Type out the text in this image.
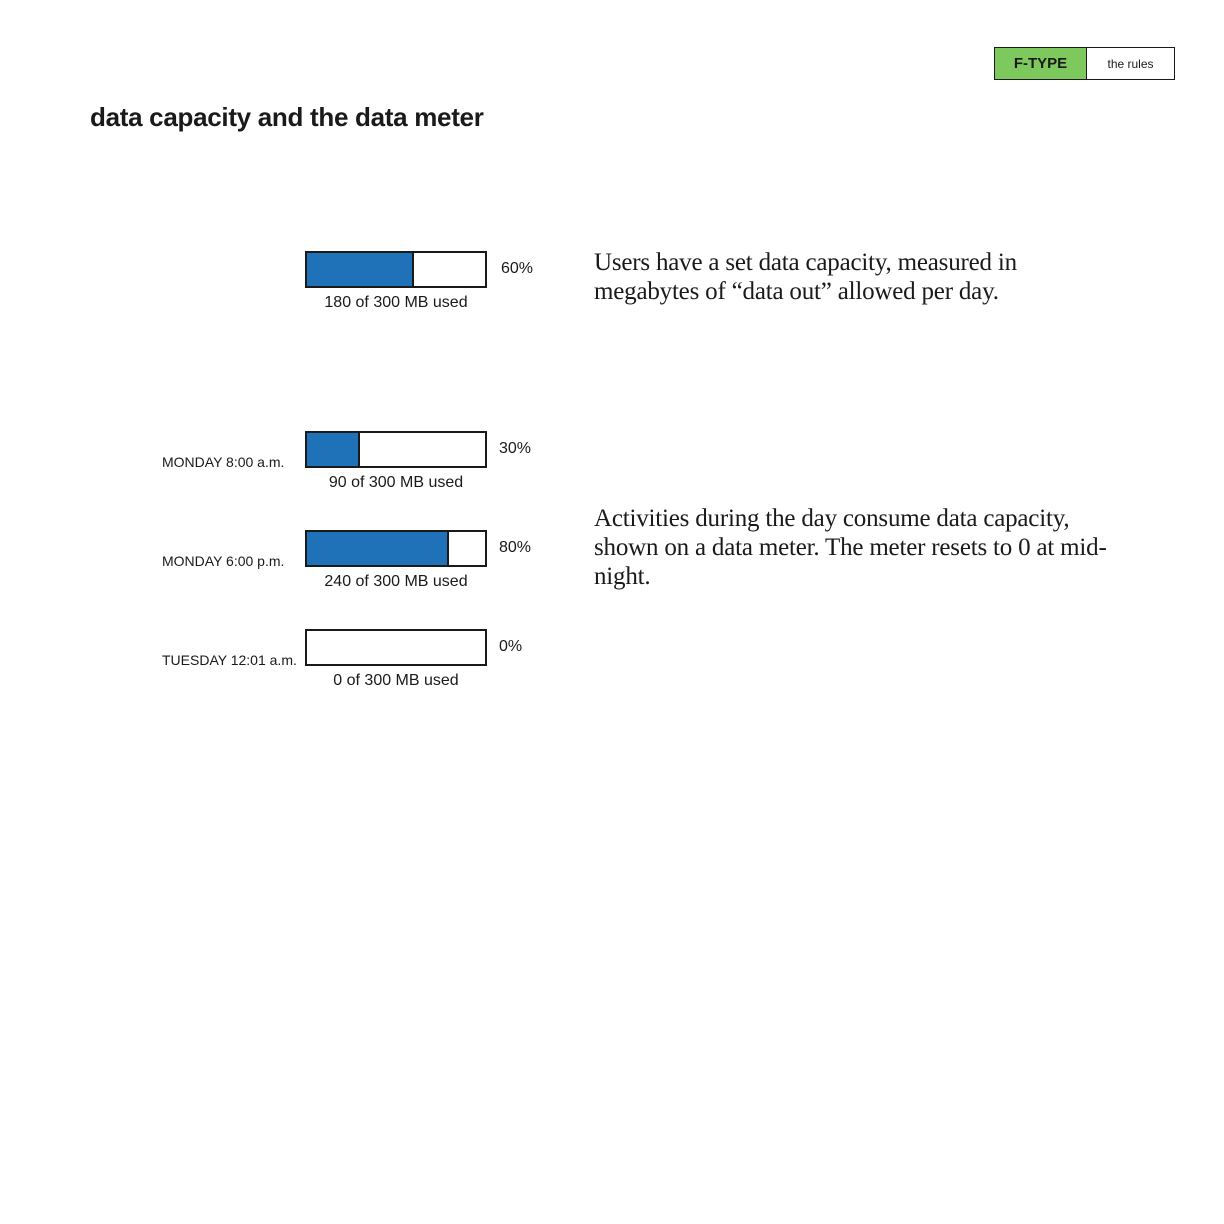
F-TYPE	the rules
data capacity and the data meter
60%
180 of 300 MB used
MONDAY 8:00 a.m.
30%
90 of 300 MB used
MONDAY 6:00 p.m.
80%
240 of 300 MB used
TUESDAY 12:01 a.m.
0%
0 of 300 MB used

Users have a set data capacity, measured in megabytes of “data out” allowed per day.

Activities during the day consume data capacity, shown on a data meter. The meter resets to 0 at mid-night.
